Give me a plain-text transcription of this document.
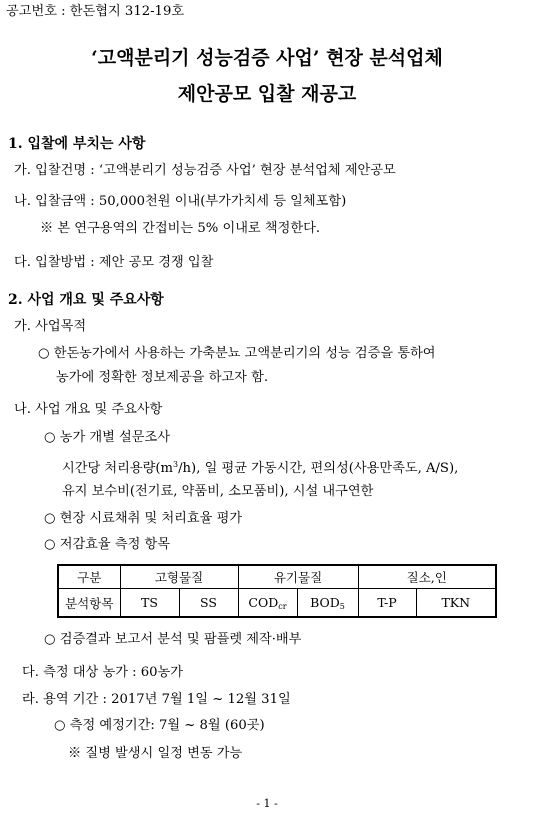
공고번호 : 한돈협지 312-19호
‘고액분리기 성능검증 사업’ 현장 분석업체
제안공모 입찰 재공고
1. 입찰에 부치는 사항
가. 입찰건명 : ‘고액분리기 성능검증 사업’ 현장 분석업체 제안공모
나. 입찰금액 : 50,000천원 이내(부가가치세 등 일체포함)
※ 본 연구용역의 간접비는 5% 이내로 책정한다.
다. 입찰방법 : 제안 공모 경쟁 입찰
2. 사업 개요 및 주요사항
가. 사업목적
○ 한돈농가에서 사용하는 가축분뇨 고액분리기의 성능 검증을 통하여
농가에 정확한 정보제공을 하고자 함.
나. 사업 개요 및 주요사항
○ 농가 개별 설문조사
시간당 처리용량$(m^3/h)$, 일 평균 가동시간, 편의성(사용만족도, A/S),
유지 보수비(전기료, 약품비, 소모품비), 시설 내구연한
○ 현장 시료채취 및 처리효율 평가
○ 저감효율 측정 항목
구분	고형물질		유기물질		질소,인	
분석항목	TS	SS	$COD_{cr}$	$BOD_5$	T-P	TKN
○ 검증결과 보고서 분석 및 팜플렛 제작·배부
다. 측정 대상 농가 : 60농가
라. 용역 기간 : 2017년 7월 1일 ~ 12월 31일
○ 측정 예정기간: 7월 ~ 8월 (60곳)
※ 질병 발생시 일정 변동 가능
- 1 -
